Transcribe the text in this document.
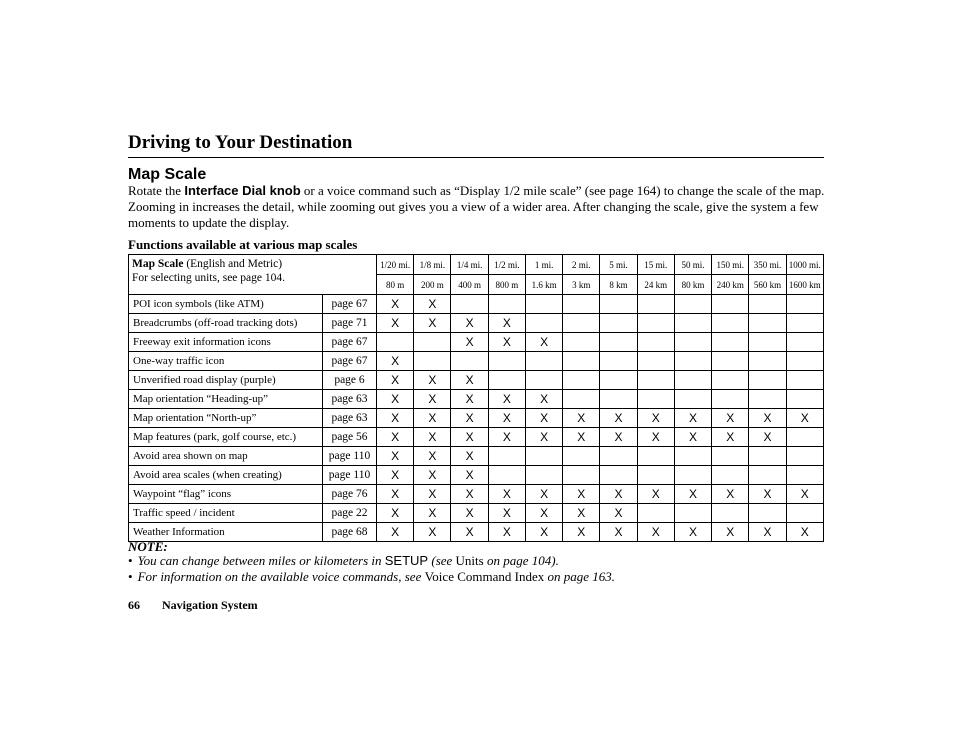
Driving to Your Destination
Map Scale

Rotate the Interface Dial knob or a voice command such as “Display 1/2 mile scale” (see page 164) to change the scale of the map. Zooming in increases the detail, while zooming out gives you a view of a wider area. After changing the scale, give the system a few moments to update the display.

Functions available at various map scales

Map Scale (English and Metric)
For selecting units, see page 104.		1/20 mi.	1/8 mi.	1/4 mi.	1/2 mi.	1 mi.	2 mi.	5 mi.	15 mi.	50 mi.	150 mi.	350 mi.	1000 mi.
		80 m	200 m	400 m	800 m	1.6 km	3 km	8 km	24 km	80 km	240 km	560 km	1600 km
POI icon symbols (like ATM)	page 67	X	X										
Breadcrumbs (off-road tracking dots)	page 71	X	X	X	X								
Freeway exit information icons	page 67			X	X	X							
One-way traffic icon	page 67	X											
Unverified road display (purple)	page 6	X	X	X									
Map orientation “Heading-up”	page 63	X	X	X	X	X							
Map orientation “North-up”	page 63	X	X	X	X	X	X	X	X	X	X	X	X
Map features (park, golf course, etc.)	page 56	X	X	X	X	X	X	X	X	X	X	X	
Avoid area shown on map	page 110	X	X	X									
Avoid area scales (when creating)	page 110	X	X	X									
Waypoint “flag” icons	page 76	X	X	X	X	X	X	X	X	X	X	X	X
Traffic speed / incident	page 22	X	X	X	X	X	X	X					
Weather Information	page 68	X	X	X	X	X	X	X	X	X	X	X	X

NOTE:

• You can change between miles or kilometers in SETUP (see Units on page 104).
• For information on the available voice commands, see Voice Command Index on page 163.

66 Navigation System
